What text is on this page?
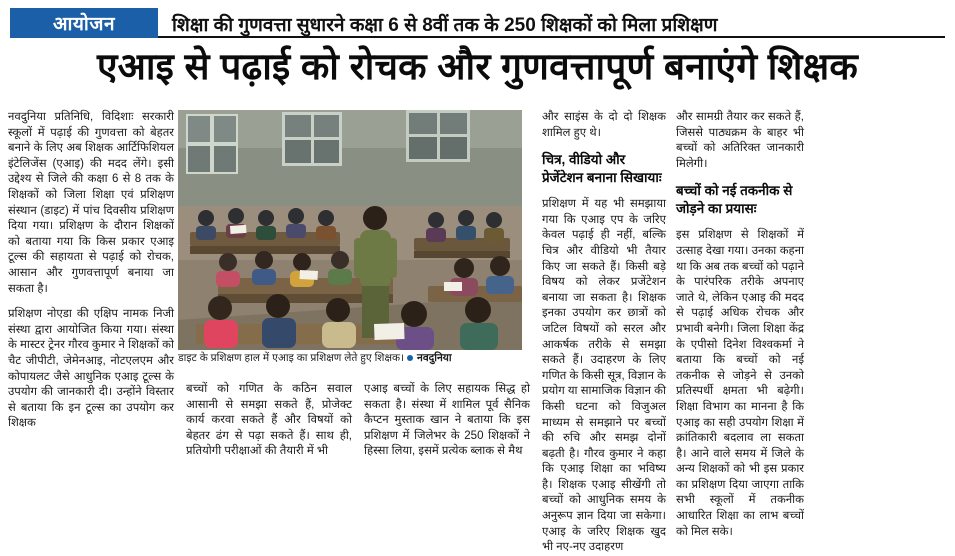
आयोजन	शिक्षा की गुणवत्ता सुधारने कक्षा 6 से 8वीं तक के 250 शिक्षकों को मिला प्रशिक्षण
एआइ से पढ़ाई को रोचक और गुणवत्तापूर्ण बनाएंगे शिक्षक
डाइट के प्रशिक्षण हाल में एआइ का प्रशिक्षण लेते हुए शिक्षक। नवदुनिया

नवदुनिया प्रतिनिधि, विदिशाः सरकारी स्कूलों में पढ़ाई की गुणवत्ता को बेहतर बनाने के लिए अब शिक्षक आर्टिफिशियल इंटेलिजेंस (एआइ) की मदद लेंगे। इसी उद्देश्य से जिले की कक्षा 6 से 8 तक के शिक्षकों को जिला शिक्षा एवं प्रशिक्षण संस्थान (डाइट) में पांच दिवसीय प्रशिक्षण दिया गया। प्रशिक्षण के दौरान शिक्षकों को बताया गया कि किस प्रकार एआइ टूल्स की सहायता से पढ़ाई को रोचक, आसान और गुणवत्तापूर्ण बनाया जा सकता है।

प्रशिक्षण नोएडा की एक्षिप नामक निजी संस्था द्वारा आयोजित किया गया। संस्था के मास्टर ट्रेनर गौरव कुमार ने शिक्षकों को चैट जीपीटी, जेमेनआइ, नोटएलएम और कोपायलट जैसे आधुनिक एआइ टूल्स के उपयोग की जानकारी दी। उन्होंने विस्तार से बताया कि इन टूल्स का उपयोग कर शिक्षक

बच्चों को गणित के कठिन सवाल आसानी से समझा सकते हैं, प्रोजेक्ट कार्य करवा सकते हैं और विषयों को बेहतर ढंग से पढ़ा सकते हैं। साथ ही, प्रतियोगी परीक्षाओं की तैयारी में भी

एआइ बच्चों के लिए सहायक सिद्ध हो सकता है। संस्था में शामिल पूर्व सैनिक कैप्टन मुस्ताक खान ने बताया कि इस प्रशिक्षण में जिलेभर के 250 शिक्षकों ने हिस्सा लिया, इसमें प्रत्येक ब्लाक से मैथ

और साइंस के दो दो शिक्षक शामिल हुए थे।

चित्र, वीडियो और प्रेजेंटेशन बनाना सिखायाः

प्रशिक्षण में यह भी समझाया गया कि एआइ एप के जरिए केवल पढ़ाई ही नहीं, बल्कि चित्र और वीडियो भी तैयार किए जा सकते हैं। किसी बड़े विषय को लेकर प्रजेंटेशन बनाया जा सकता है। शिक्षक इनका उपयोग कर छात्रों को जटिल विषयों को सरल और आकर्षक तरीके से समझा सकते हैं। उदाहरण के लिए गणित के किसी सूत्र, विज्ञान के प्रयोग या सामाजिक विज्ञान की किसी घटना को विजुअल माध्यम से समझाने पर बच्चों की रुचि और समझ दोनों बढ़ती है। गौरव कुमार ने कहा कि एआइ शिक्षा का भविष्य है। शिक्षक एआइ सीखेंगी तो बच्चों को आधुनिक समय के अनुरूप ज्ञान दिया जा सकेगा। एआइ के जरिए शिक्षक खुद भी नए-नए उदाहरण

और सामग्री तैयार कर सकते हैं, जिससे पाठ्यक्रम के बाहर भी बच्चों को अतिरिक्त जानकारी मिलेगी।

बच्चों को नई तकनीक से जोड़ने का प्रयासः

इस प्रशिक्षण से शिक्षकों में उत्साह देखा गया। उनका कहना था कि अब तक बच्चों को पढ़ाने के पारंपरिक तरीके अपनाए जाते थे, लेकिन एआइ की मदद से पढ़ाई अधिक रोचक और प्रभावी बनेगी। जिला शिक्षा केंद्र के एपीसो दिनेश विश्वकर्मा ने बताया कि बच्चों को नई तकनीक से जोड़ने से उनको प्रतिस्पर्धी क्षमता भी बढ़ेगी। शिक्षा विभाग का मानना है कि एआइ का सही उपयोग शिक्षा में क्रांतिकारी बदलाव ला सकता है। आने वाले समय में जिले के अन्य शिक्षकों को भी इस प्रकार का प्रशिक्षण दिया जाएगा ताकि सभी स्कूलों में तकनीक आधारित शिक्षा का लाभ बच्चों को मिल सके।
